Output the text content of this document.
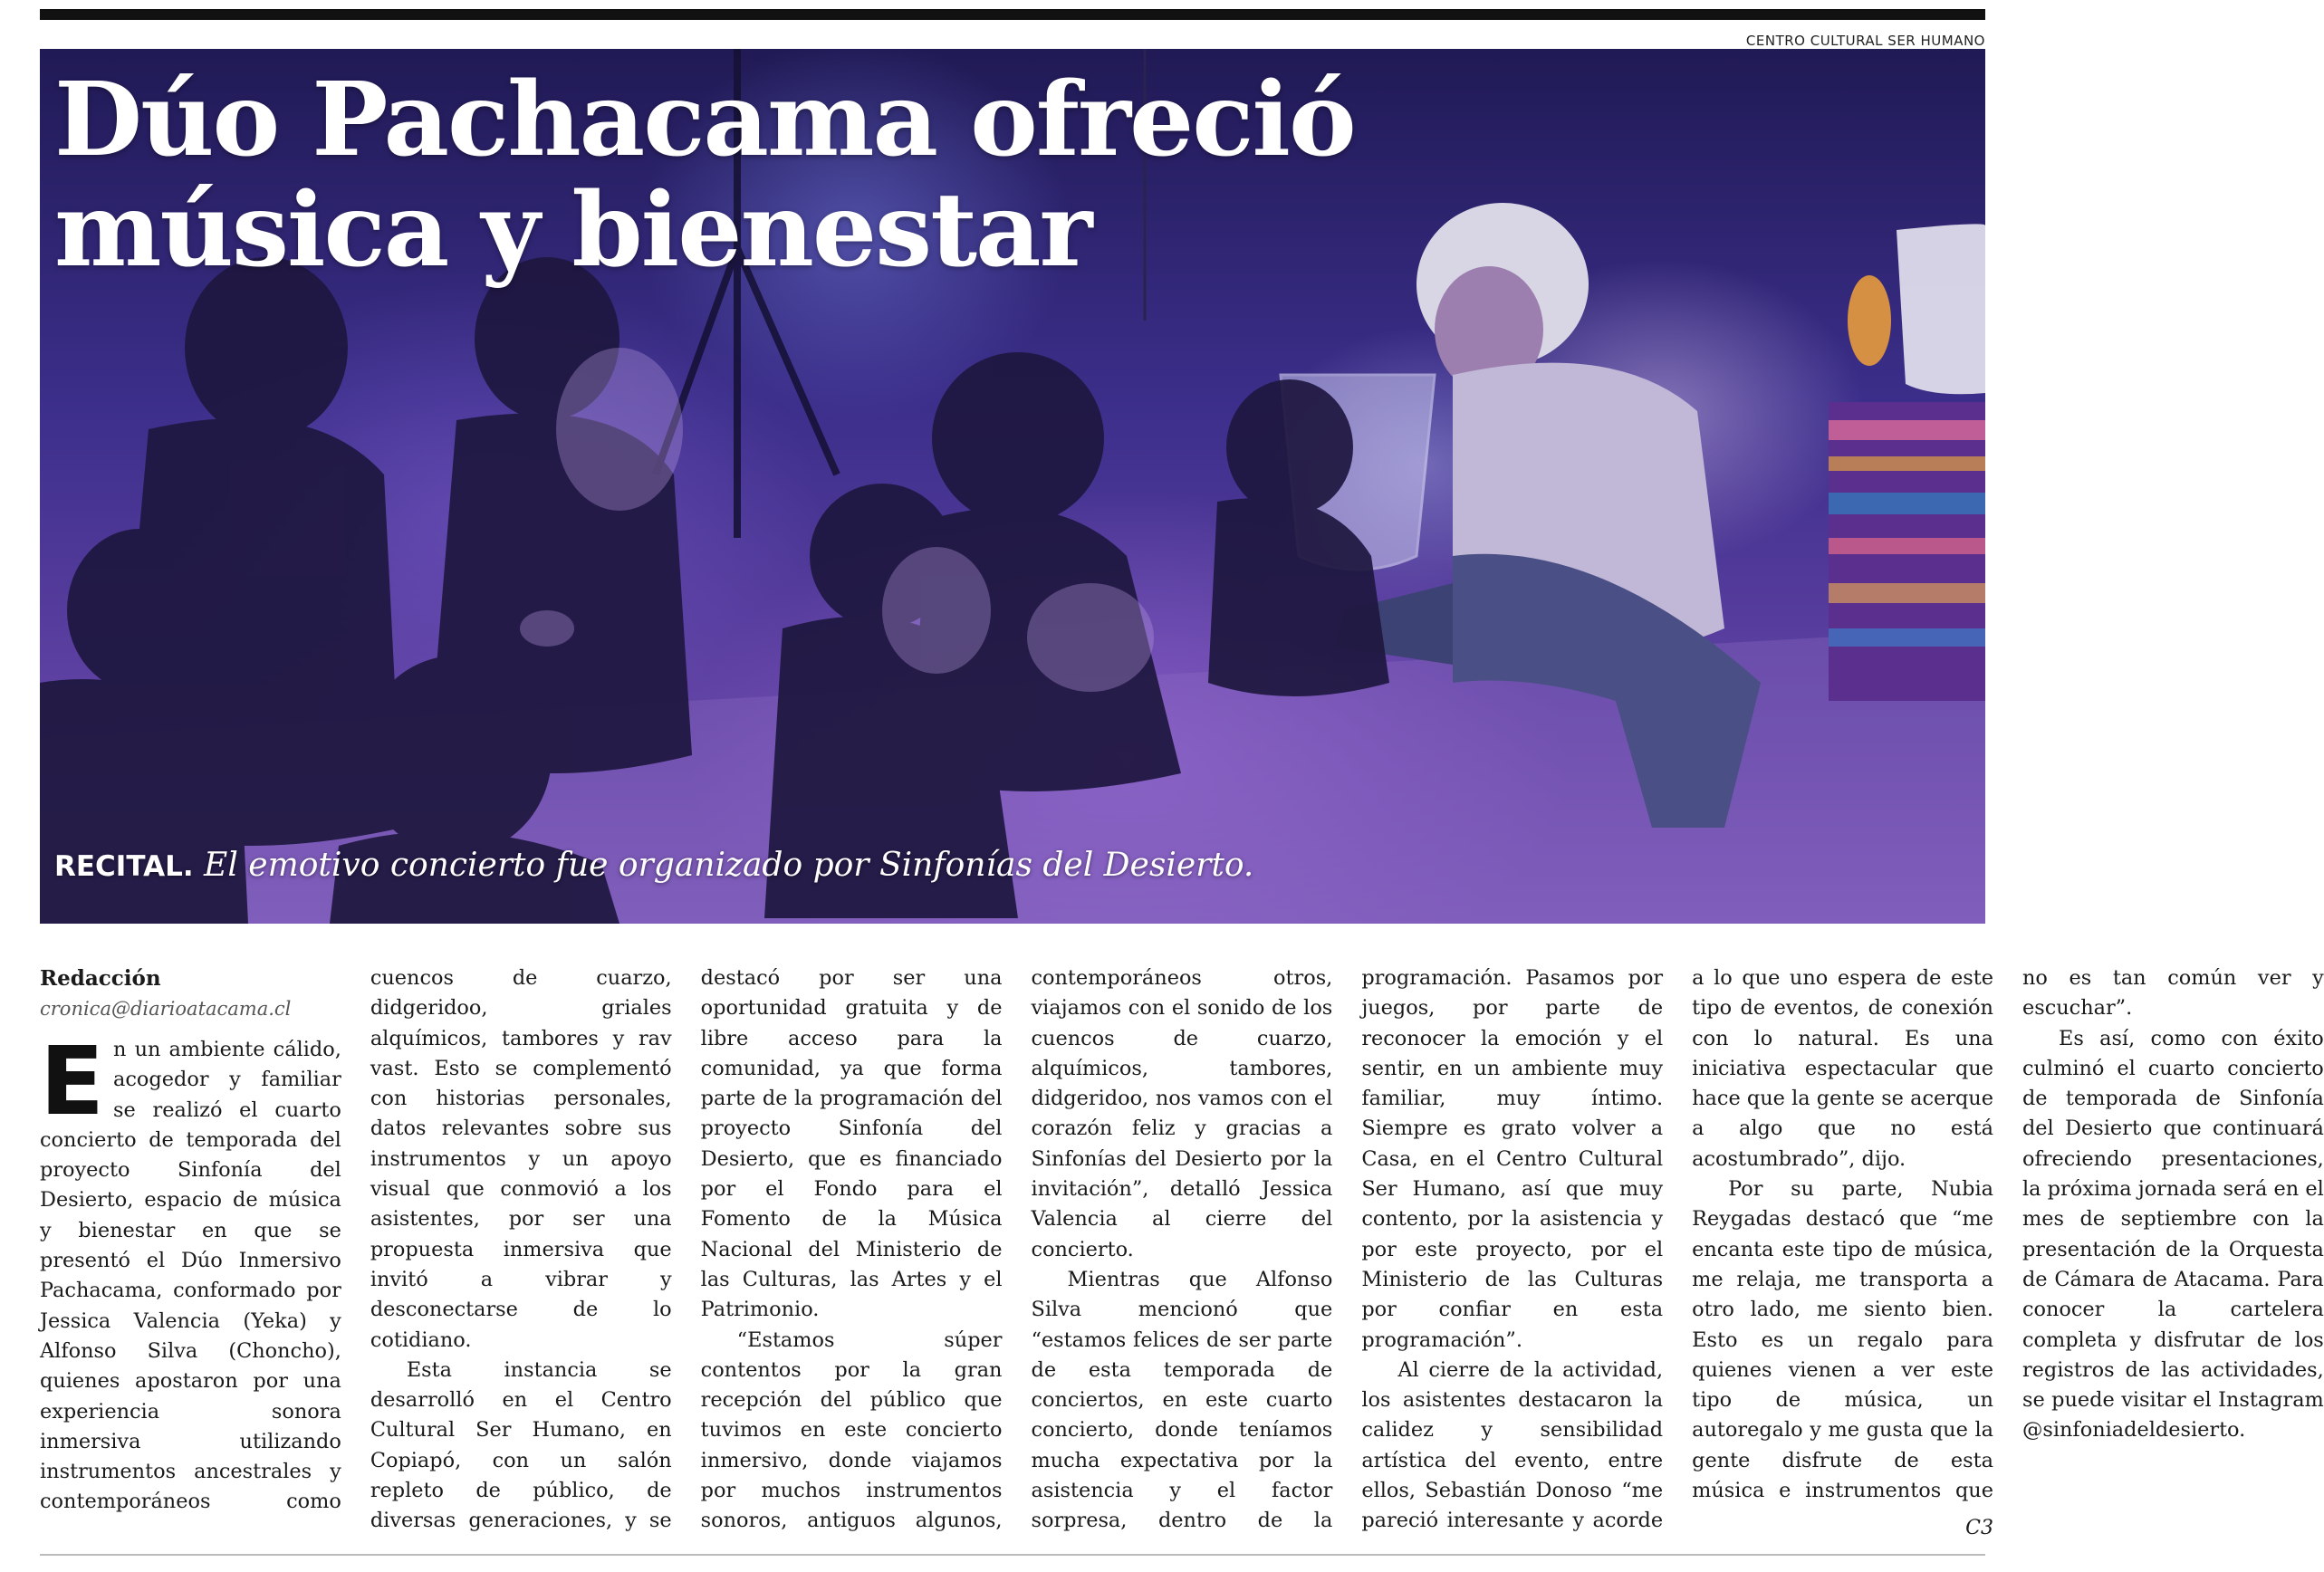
CENTRO CULTURAL SER HUMANO
Dúo Pachacama ofreció
música y bienestar
RECITAL. El emotivo concierto fue organizado por Sinfonías del Desierto.
C3
Redacción
cronica@diarioatacama.cl

En un ambiente cálido, acogedor y familiar se realizó el cuarto concierto de temporada del proyecto Sinfonía del Desierto, espacio de música y bienestar en que se presentó el Dúo Inmersivo Pachacama, conformado por Jessica Valencia (Yeka) y Alfonso Silva (Choncho), quienes apostaron por una experiencia sonora inmersiva utilizando instrumentos ancestrales y contemporáneos como cuencos de cuarzo, didgeridoo, griales alquímicos, tambores y rav vast. Esto se complementó con historias personales, datos relevantes sobre sus instrumentos y un apoyo visual que conmovió a los asistentes, por ser una propuesta inmersiva que invitó a vibrar y desconectarse de lo cotidiano.

Esta instancia se desarrolló en el Centro Cultural Ser Humano, en Copiapó, con un salón repleto de público, de diversas generaciones, y se destacó por ser una oportunidad gratuita y de libre acceso para la comunidad, ya que forma parte de la programación del proyecto Sinfonía del Desierto, que es financiado por el Fondo para el Fomento de la Música Nacional del Ministerio de las Culturas, las Artes y el Patrimonio.

“Estamos súper contentos por la gran recepción del público que tuvimos en este concierto inmersivo, donde viajamos por muchos instrumentos sonoros, antiguos algunos, contemporáneos otros, viajamos con el sonido de los cuencos de cuarzo, alquímicos, tambores, didgeridoo, nos vamos con el corazón feliz y gracias a Sinfonías del Desierto por la invitación”, detalló Jessica Valencia al cierre del concierto.

Mientras que Alfonso Silva mencionó que “estamos felices de ser parte de esta temporada de conciertos, en este cuarto concierto, donde teníamos mucha expectativa por la asistencia y el factor sorpresa, dentro de la programación. Pasamos por juegos, por parte de reconocer la emoción y el sentir, en un ambiente muy familiar, muy íntimo. Siempre es grato volver a Casa, en el Centro Cultural Ser Humano, así que muy contento, por la asistencia y por este proyecto, por el Ministerio de las Culturas por confiar en esta programación”.

Al cierre de la actividad, los asistentes destacaron la calidez y sensibilidad artística del evento, entre ellos, Sebastián Donoso “me pareció interesante y acorde a lo que uno espera de este tipo de eventos, de conexión con lo natural. Es una iniciativa espectacular que hace que la gente se acerque a algo que no está acostumbrado”, dijo.

Por su parte, Nubia Reygadas destacó que “me encanta este tipo de música, me relaja, me transporta a otro lado, me siento bien. Esto es un regalo para quienes vienen a ver este tipo de música, un autoregalo y me gusta que la gente disfrute de esta música e instrumentos que no es tan común ver y escuchar”.

Es así, como con éxito culminó el cuarto concierto de temporada de Sinfonía del Desierto que continuará ofreciendo presentaciones, la próxima jornada será en el mes de septiembre con la presentación de la Orquesta de Cámara de Atacama. Para conocer la cartelera completa y disfrutar de los registros de las actividades, se puede visitar el Instagram @sinfoniadeldesierto.
